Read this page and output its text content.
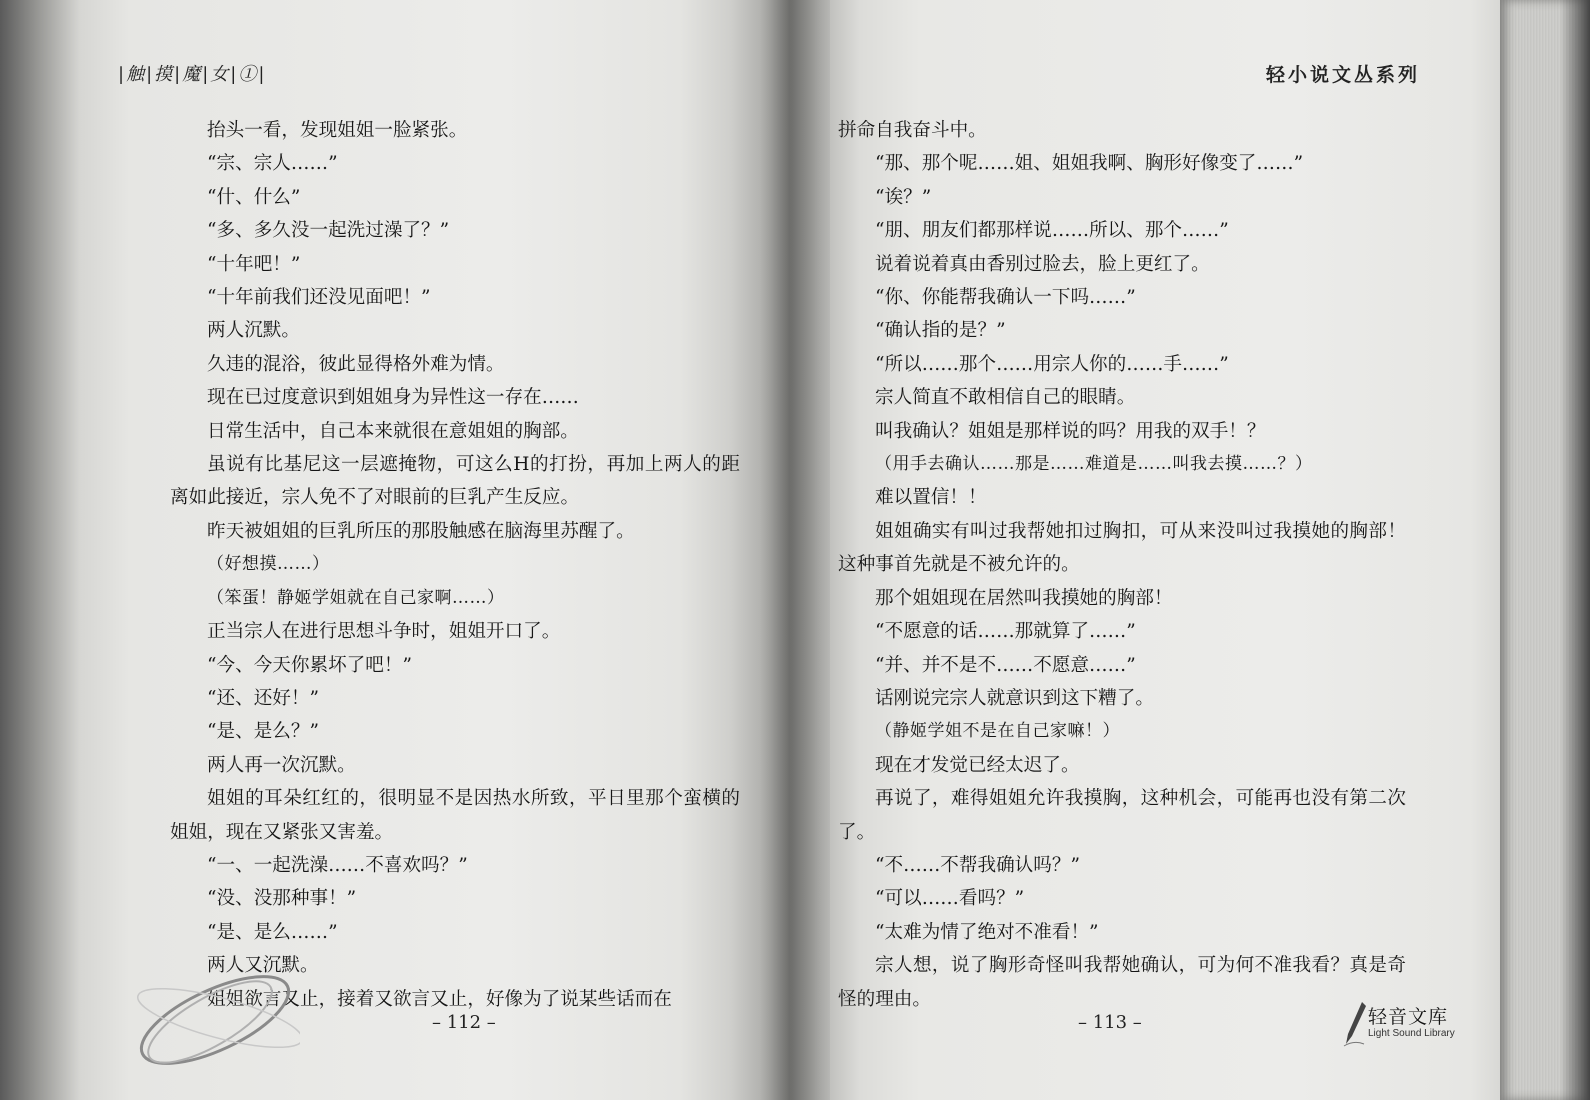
|触|摸|魔|女|①|

抬头一看，发现姐姐一脸紧张。

“宗、宗人……”

“什、什么”

“多、多久没一起洗过澡了？”

“十年吧！”

“十年前我们还没见面吧！”

两人沉默。

久违的混浴，彼此显得格外难为情。

现在已过度意识到姐姐身为异性这一存在……

日常生活中，自己本来就很在意姐姐的胸部。

虽说有比基尼这一层遮掩物，可这么H的打扮，再加上两人的距离如此接近，宗人免不了对眼前的巨乳产生反应。

昨天被姐姐的巨乳所压的那股触感在脑海里苏醒了。

（好想摸……）

（笨蛋！静姬学姐就在自己家啊……）

正当宗人在进行思想斗争时，姐姐开口了。

“今、今天你累坏了吧！”

“还、还好！”

“是、是么？”

两人再一次沉默。

姐姐的耳朵红红的，很明显不是因热水所致，平日里那个蛮横的姐姐，现在又紧张又害羞。

“一、一起洗澡……不喜欢吗？”

“没、没那种事！”

“是、是么……”

两人又沉默。

姐姐欲言又止，接着又欲言又止，好像为了说某些话而在

– 112 –
轻小说文丛系列

拼命自我奋斗中。

“那、那个呢……姐、姐姐我啊、胸形好像变了……”

“诶？”

“朋、朋友们都那样说……所以、那个……”

说着说着真由香别过脸去，脸上更红了。

“你、你能帮我确认一下吗……”

“确认指的是？”

“所以……那个……用宗人你的……手……”

宗人简直不敢相信自己的眼睛。

叫我确认？姐姐是那样说的吗？用我的双手！？

（用手去确认……那是……难道是……叫我去摸……？）

难以置信！！

姐姐确实有叫过我帮她扣过胸扣，可从来没叫过我摸她的胸部！这种事首先就是不被允许的。

那个姐姐现在居然叫我摸她的胸部！

“不愿意的话……那就算了……”

“并、并不是不……不愿意……”

话刚说完宗人就意识到这下糟了。

（静姬学姐不是在自己家嘛！）

现在才发觉已经太迟了。

再说了，难得姐姐允许我摸胸，这种机会，可能再也没有第二次了。

“不……不帮我确认吗？”

“可以……看吗？”

“太难为情了绝对不准看！”

宗人想，说了胸形奇怪叫我帮她确认，可为何不准我看？真是奇怪的理由。

– 113 –	轻音文库
Light Sound Library
